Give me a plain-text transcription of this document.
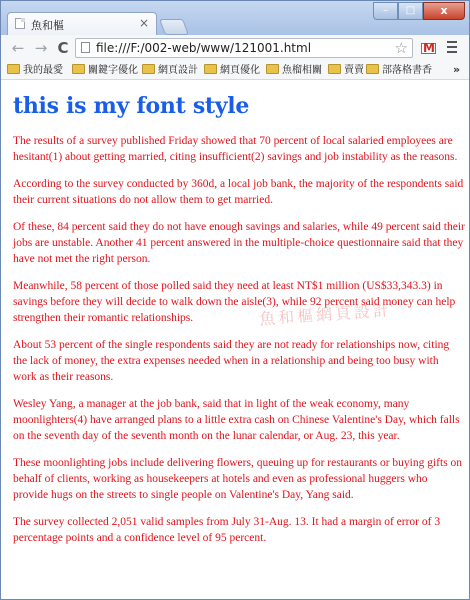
魚和樞	×
–	□	x
← → C file:///F:/002-web/www/121001.html	☆
M
我的最愛	關鍵字優化	網頁設計	網頁優化	魚榴相關	賣賣	部落格書香 »
this is my font style

The results of a survey published Friday showed that 70 percent of local salaried employees are hesitant(1) about getting married, citing insufficient(2) savings and job instability as the reasons.

According to the survey conducted by 360d, a local job bank, the majority of the respondents said their current situations do not allow them to get married.

Of these, 84 percent said they do not have enough savings and salaries, while 49 percent said their jobs are unstable. Another 41 percent answered in the multiple-choice questionnaire said that they have not met the right person.

Meanwhile, 58 percent of those polled said they need at least NT$1 million (US$33,343.3) in savings before they will decide to walk down the aisle(3), while 92 percent said money can help strengthen their romantic relationships.

About 53 percent of the single respondents said they are not ready for relationships now, citing the lack of money, the extra expenses needed when in a relationship and being too busy with work as their reasons.

Wesley Yang, a manager at the job bank, said that in light of the weak economy, many moonlighters(4) have arranged plans to a little extra cash on Chinese Valentine's Day, which falls on the seventh day of the seventh month on the lunar calendar, or Aug. 23, this year.

These moonlighting jobs include delivering flowers, queuing up for restaurants or buying gifts on behalf of clients, working as housekeepers at hotels and even as professional huggers who provide hugs on the streets to single people on Valentine's Day, Yang said.

The survey collected 2,051 valid samples from July 31-Aug. 13. It had a margin of error of 3 percentage points and a confidence level of 95 percent.

魚和樞網頁設計
